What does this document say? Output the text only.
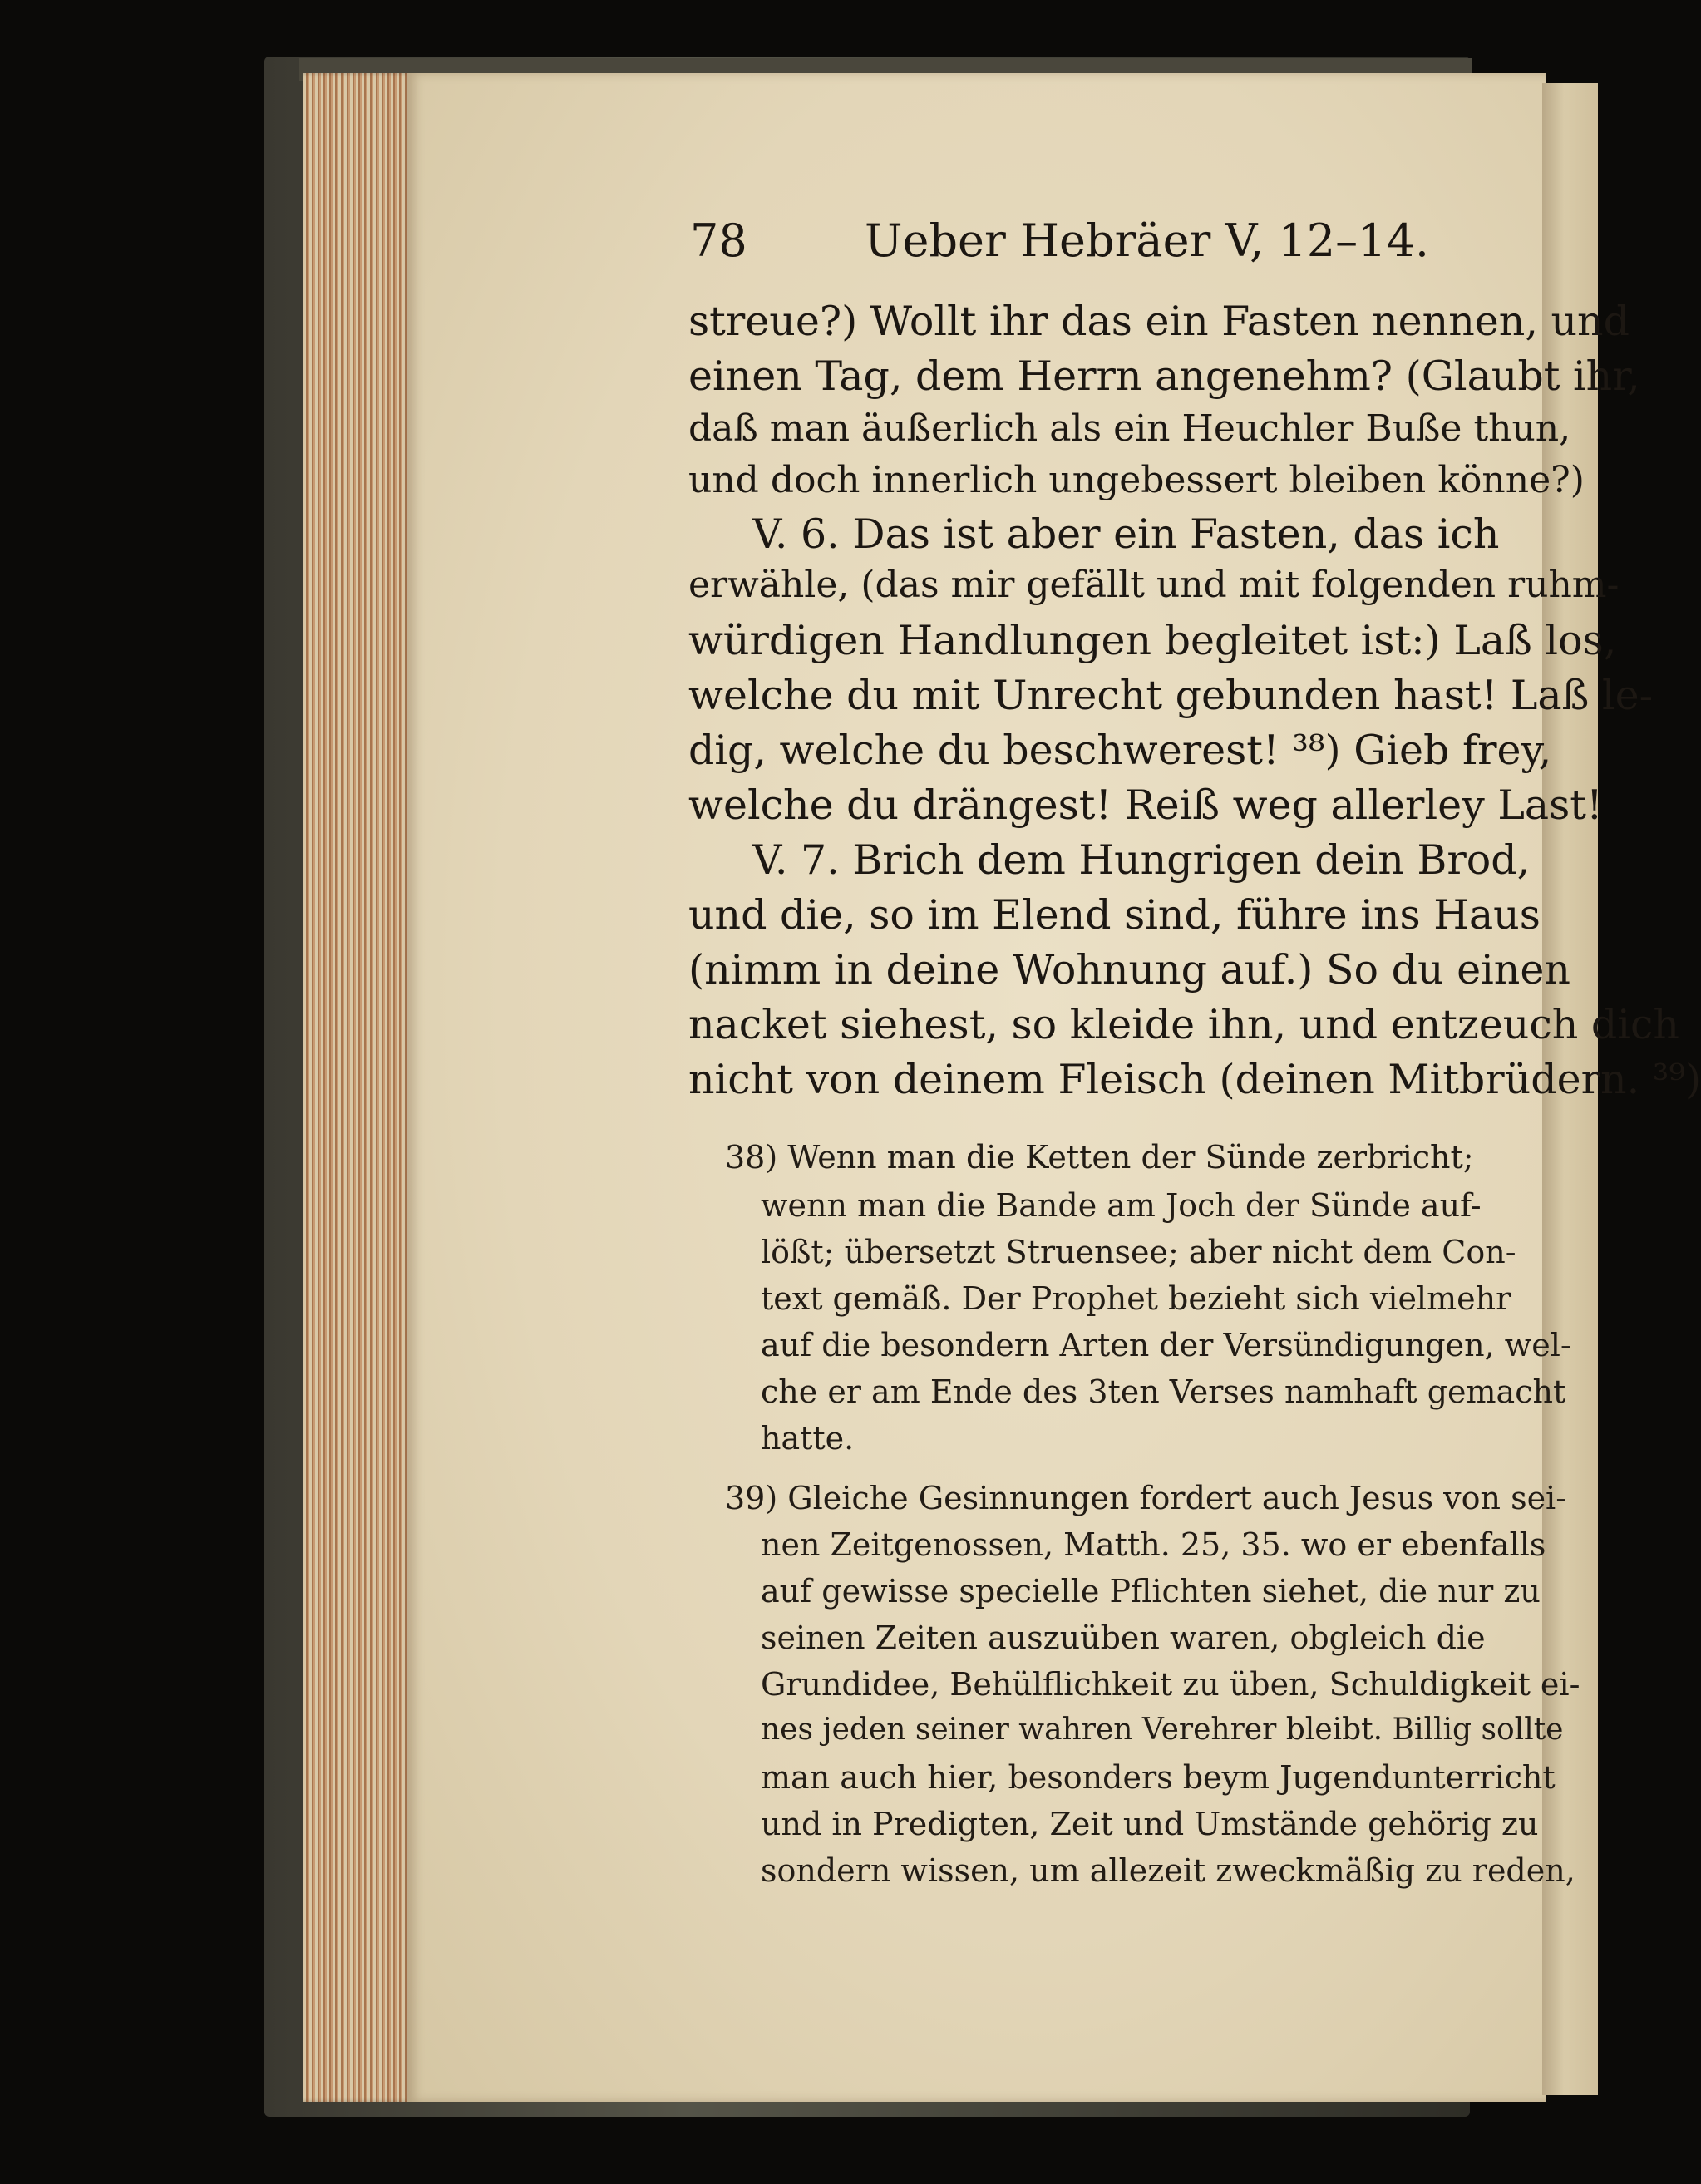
78	Ueber Hebräer V, 12–14.
streue?) Wollt ihr das ein Fasten nennen, und
einen Tag, dem Herrn angenehm? (Glaubt ihr,
daß man äußerlich als ein Heuchler Buße thun,
und doch innerlich ungebessert bleiben könne?)
V. 6. Das ist aber ein Fasten, das ich
erwähle, (das mir gefällt und mit folgenden ruhm-
würdigen Handlungen begleitet ist:) Laß los,
welche du mit Unrecht gebunden hast! Laß le-
dig, welche du beschwerest! ³⁸) Gieb frey,
welche du drängest! Reiß weg allerley Last!
V. 7. Brich dem Hungrigen dein Brod,
und die, so im Elend sind, führe ins Haus
(nimm in deine Wohnung auf.) So du einen
nacket siehest, so kleide ihn, und entzeuch dich
nicht von deinem Fleisch (deinen Mitbrüdern. ³⁹)
38) Wenn man die Ketten der Sünde zerbricht;
wenn man die Bande am Joch der Sünde auf-
lößt; übersetzt Struensee; aber nicht dem Con-
text gemäß. Der Prophet bezieht sich vielmehr
auf die besondern Arten der Versündigungen, wel-
che er am Ende des 3ten Verses namhaft gemacht
hatte.
39) Gleiche Gesinnungen fordert auch Jesus von sei-
nen Zeitgenossen, Matth. 25, 35. wo er ebenfalls
auf gewisse specielle Pflichten siehet, die nur zu
seinen Zeiten auszuüben waren, obgleich die
Grundidee, Behülflichkeit zu üben, Schuldigkeit ei-
nes jeden seiner wahren Verehrer bleibt. Billig sollte
man auch hier, besonders beym Jugendunterricht
und in Predigten, Zeit und Umstände gehörig zu
sondern wissen, um allezeit zweckmäßig zu reden,
